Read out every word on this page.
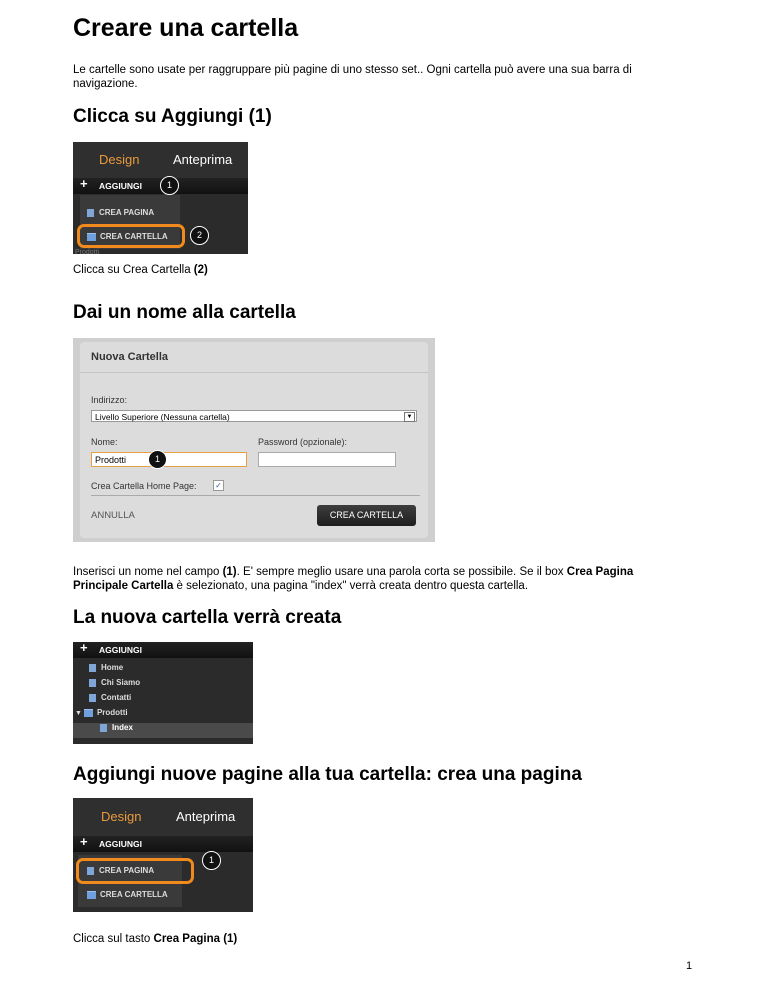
Creare una cartella

Le cartelle sono usate per raggruppare più pagine di uno stesso set.. Ogni cartella può avere una sua barra di navigazione.

Clicca su Aggiungi (1)
Design	Anteprima
+ AGGIUNGI
CREA PAGINA
CREA CARTELLA
Prodotti
1
2

Clicca su Crea Cartella (2)

Dai un nome alla cartella
Nuova Cartella
Indirizzo:
Livello Superiore (Nessuna cartella)	▼
Nome:	Password (opzionale):
Prodotti	1
Crea Cartella Home Page: ✓
ANNULLA	CREA CARTELLA

Inserisci un nome nel campo (1). E' sempre meglio usare una parola corta se possibile. Se il box Crea Pagina Principale Cartella è selezionato, una pagina "index" verrà creata dentro questa cartella.

La nuova cartella verrà creata
+ AGGIUNGI
Home
Chi Siamo
Contatti
▼ Prodotti
Index
Aggiungi nuove pagine alla tua cartella: crea una pagina
Design	Anteprima
+ AGGIUNGI
CREA PAGINA
CREA CARTELLA
1

Clicca sul tasto Crea Pagina (1)

1
